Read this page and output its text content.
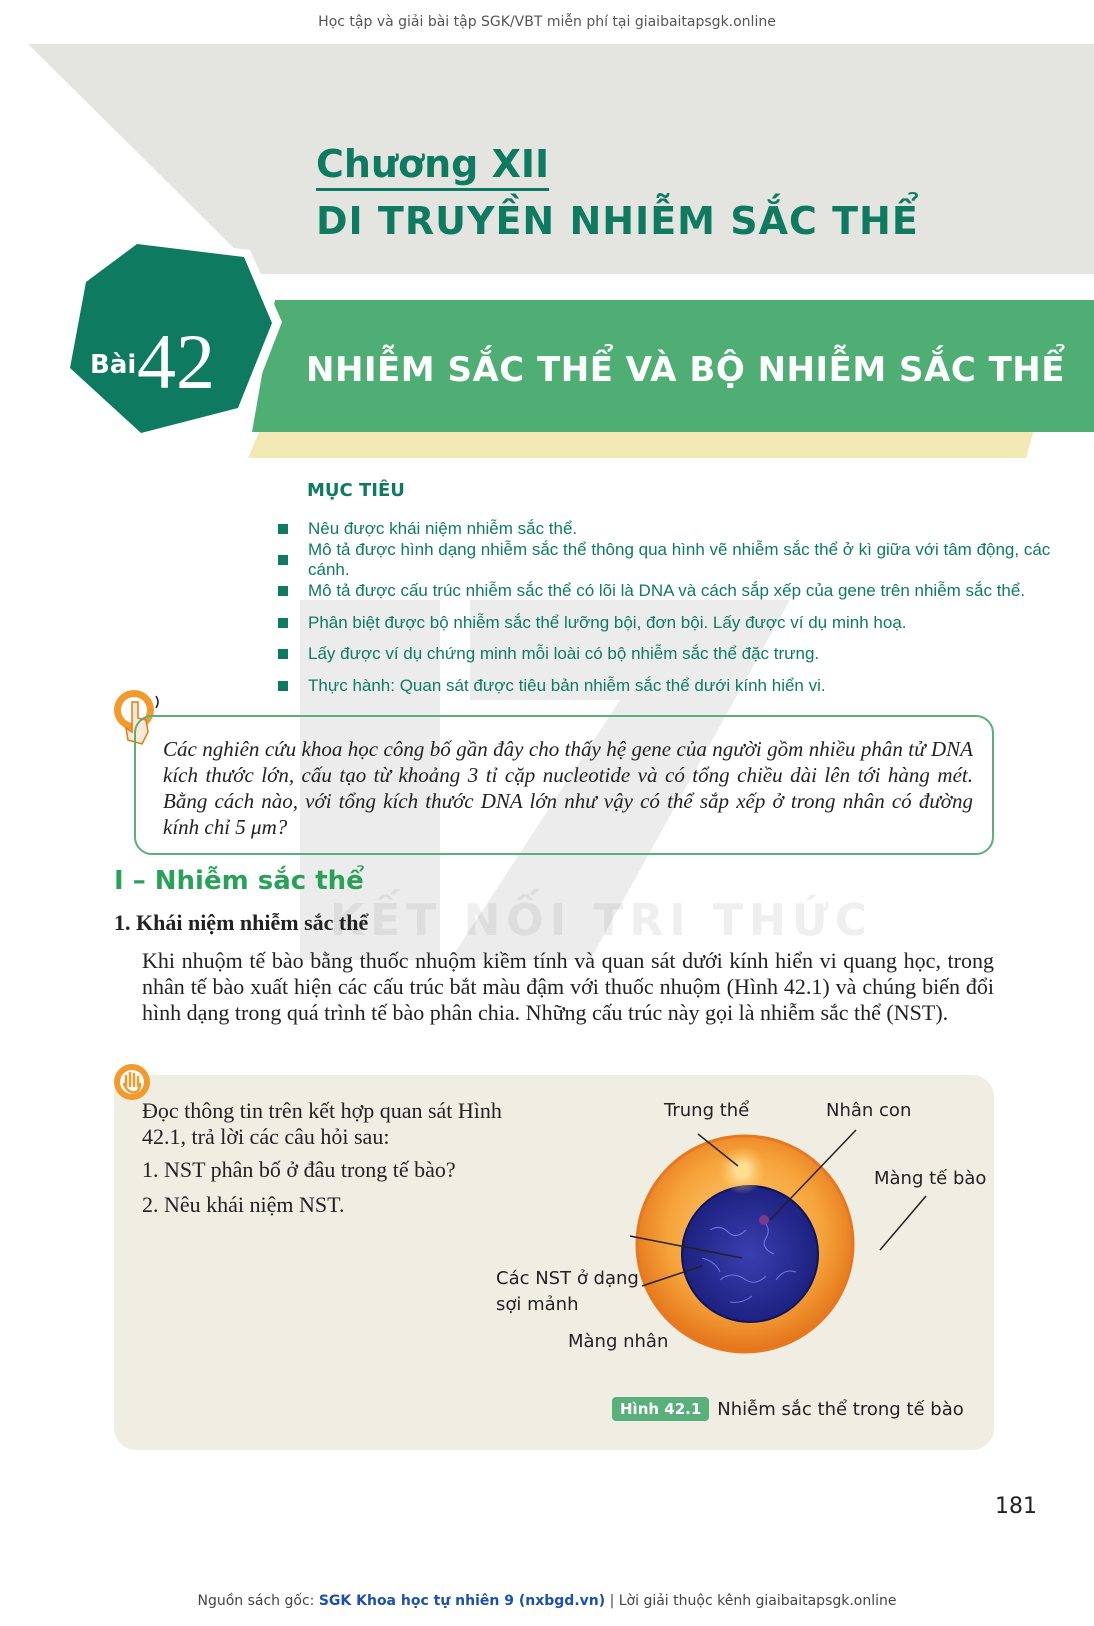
Học tập và giải bài tập SGK/VBT miễn phí tại giaibaitapsgk.online
Chương XII
DI TRUYỀN NHIỄM SẮC THỂ
Bài 42	NHIỄM SẮC THỂ VÀ BỘ NHIỄM SẮC THỂ
KẾT NỐI TRI THỨC
MỤC TIÊU
Nêu được khái niệm nhiễm sắc thể.
Mô tả được hình dạng nhiễm sắc thể thông qua hình vẽ nhiễm sắc thể ở kì giữa với tâm động, các cánh.
Mô tả được cấu trúc nhiễm sắc thể có lõi là DNA và cách sắp xếp của gene trên nhiễm sắc thể.
Phân biệt được bộ nhiễm sắc thể lưỡng bội, đơn bội. Lấy được ví dụ minh hoạ.
Lấy được ví dụ chứng minh mỗi loài có bộ nhiễm sắc thể đặc trưng.
Thực hành: Quan sát được tiêu bản nhiễm sắc thể dưới kính hiển vi.
Các nghiên cứu khoa học công bố gần đây cho thấy hệ gene của người gồm nhiều phân tử DNA kích thước lớn, cấu tạo từ khoảng 3 tỉ cặp nucleotide và có tổng chiều dài lên tới hàng mét. Bằng cách nào, với tổng kích thước DNA lớn như vậy có thể sắp xếp ở trong nhân có đường kính chỉ 5 μm?
I – Nhiễm sắc thể
1. Khái niệm nhiễm sắc thể
Khi nhuộm tế bào bằng thuốc nhuộm kiềm tính và quan sát dưới kính hiển vi quang học, trong nhân tế bào xuất hiện các cấu trúc bắt màu đậm với thuốc nhuộm (Hình 42.1) và chúng biến đổi hình dạng trong quá trình tế bào phân chia. Những cấu trúc này gọi là nhiễm sắc thể (NST).
Đọc thông tin trên kết hợp quan sát Hình 42.1, trả lời các câu hỏi sau:
1. NST phân bố ở đâu trong tế bào?
2. Nêu khái niệm NST.
Trung thể	Nhân con
Màng tế bào
Các NST ở dạng
sợi mảnh
Màng nhân
Hình 42.1 Nhiễm sắc thể trong tế bào
181
Nguồn sách gốc: SGK Khoa học tự nhiên 9 (nxbgd.vn) | Lời giải thuộc kênh giaibaitapsgk.online
